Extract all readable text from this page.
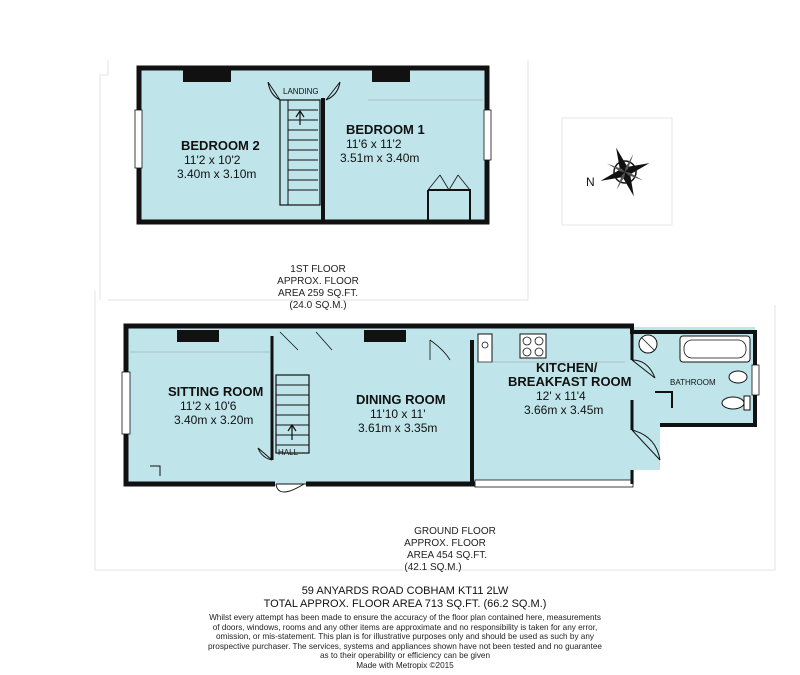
LANDING
BEDROOM 2
11'2 x 10'2
3.40m x 3.10m
BEDROOM 1
11'6 x 11'2
3.51m x 3.40m
1ST FLOOR
APPROX. FLOOR
AREA 259 SQ.FT.
(24.0 SQ.M.)
N
SITTING ROOM
11'2 x 10'6
3.40m x 3.20m
DINING ROOM
11'10 x 11'
3.61m x 3.35m
KITCHEN/
BREAKFAST ROOM
12' x 11'4
3.66m x 3.45m
BATHROOM
HALL
GROUND FLOOR
APPROX. FLOOR
AREA 454 SQ.FT.
(42.1 SQ.M.)
59 ANYARDS ROAD COBHAM KT11 2LW
TOTAL APPROX. FLOOR AREA 713 SQ.FT. (66.2 SQ.M.)
Whilst every attempt has been made to ensure the accuracy of the floor plan contained here, measurements
of doors, windows, rooms and any other items are approximate and no responsibility is taken for any error,
omission, or mis-statement. This plan is for illustrative purposes only and should be used as such by any
prospective purchaser. The services, systems and appliances shown have not been tested and no guarantee
as to their operability or efficiency can be given
Made with Metropix ©2015
